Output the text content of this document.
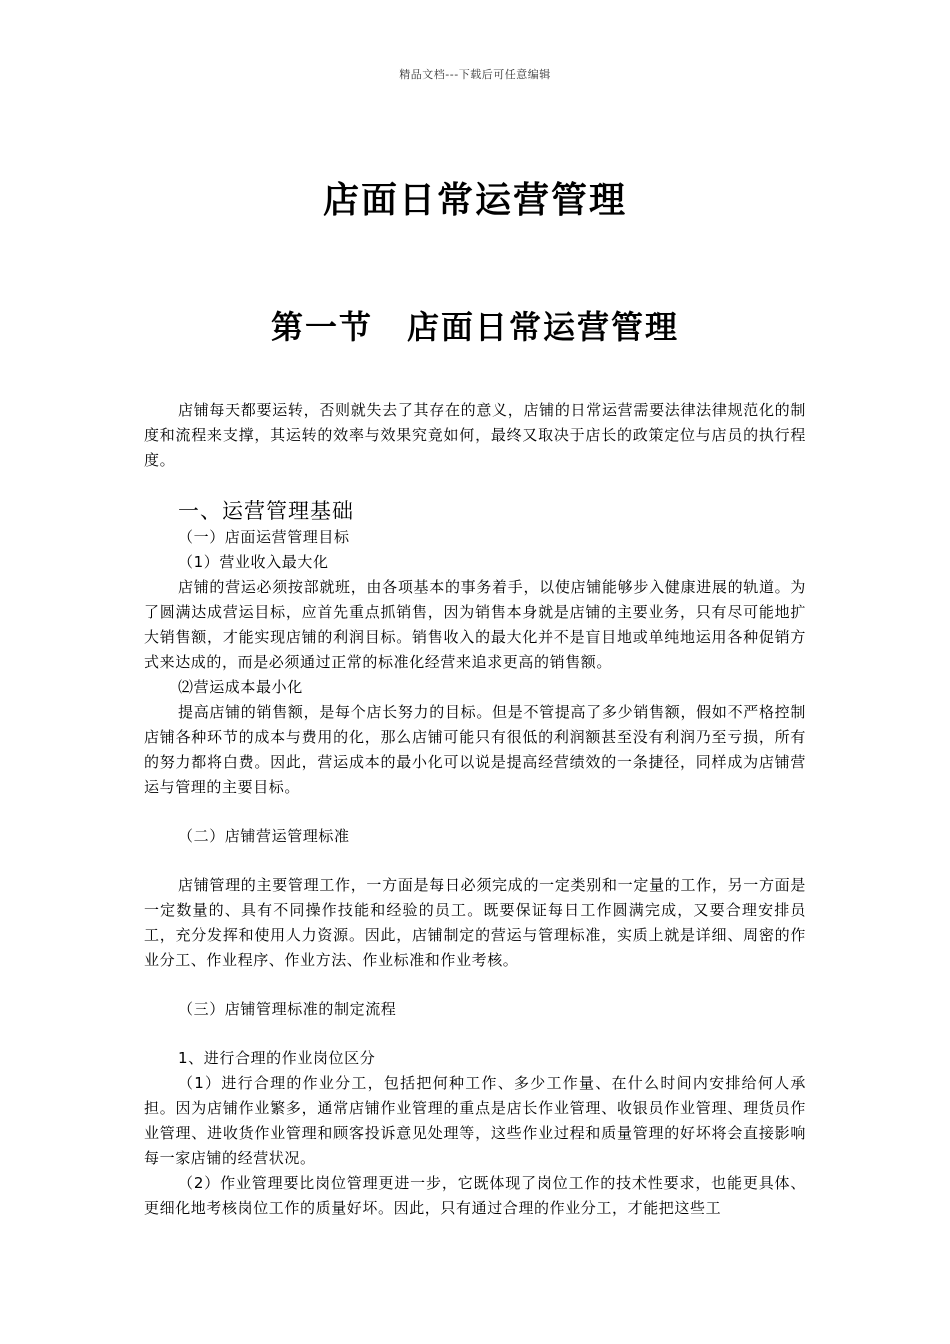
精品文档---下载后可任意编辑
店面日常运营管理
第一节　店面日常运营管理

店铺每天都要运转，否则就失去了其存在的意义，店铺的日常运营需要法律法律规范化的制度和流程来支撑，其运转的效率与效果究竟如何，最终又取决于店长的政策定位与店员的执行程度。

一、运营管理基础

（一）店面运营管理目标

（1）营业收入最大化

店铺的营运必须按部就班，由各项基本的事务着手，以使店铺能够步入健康进展的轨道。为了圆满达成营运目标，应首先重点抓销售，因为销售本身就是店铺的主要业务，只有尽可能地扩大销售额，才能实现店铺的利润目标。销售收入的最大化并不是盲目地或单纯地运用各种促销方式来达成的，而是必须通过正常的标准化经营来追求更高的销售额。

⑵营运成本最小化

提高店铺的销售额，是每个店长努力的目标。但是不管提高了多少销售额，假如不严格控制店铺各种环节的成本与费用的化，那么店铺可能只有很低的利润额甚至没有利润乃至亏损，所有的努力都将白费。因此，营运成本的最小化可以说是提高经营绩效的一条捷径，同样成为店铺营运与管理的主要目标。

（二）店铺营运管理标准

店铺管理的主要管理工作，一方面是每日必须完成的一定类别和一定量的工作，另一方面是一定数量的、具有不同操作技能和经验的员工。既要保证每日工作圆满完成，又要合理安排员工，充分发挥和使用人力资源。因此，店铺制定的营运与管理标准，实质上就是详细、周密的作业分工、作业程序、作业方法、作业标准和作业考核。

（三）店铺管理标准的制定流程

1、进行合理的作业岗位区分

（1）进行合理的作业分工，包括把何种工作、多少工作量、在什么时间内安排给何人承担。因为店铺作业繁多，通常店铺作业管理的重点是店长作业管理、收银员作业管理、理货员作业管理、进收货作业管理和顾客投诉意见处理等，这些作业过程和质量管理的好坏将会直接影响每一家店铺的经营状况。

（2）作业管理要比岗位管理更进一步，它既体现了岗位工作的技术性要求，也能更具体、更细化地考核岗位工作的质量好坏。因此，只有通过合理的作业分工，才能把这些工
